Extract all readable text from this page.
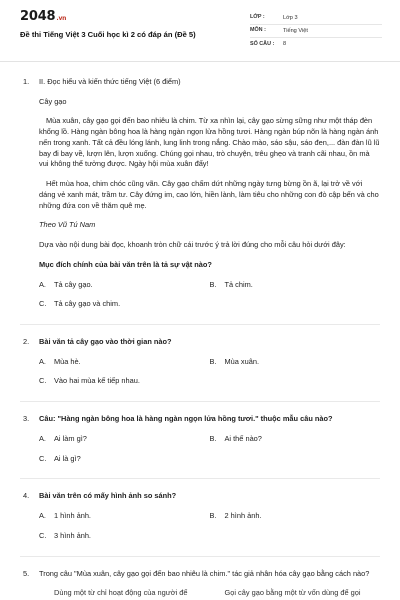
2048.vn
Đề thi Tiếng Việt 3 Cuối học kì 2 có đáp án (Đề 5)
LỚP :	Lớp 3
MÔN :	Tiếng Việt
SỐ CÂU :	8
1.	II. Đọc hiểu và kiến thức tiếng Việt (6 điểm)
Cây gạo
Mùa xuân, cây gạo gọi đến bao nhiêu là chim. Từ xa nhìn lại, cây gạo sừng sững như một tháp đèn khổng lồ. Hàng ngàn bông hoa là hàng ngàn ngọn lửa hồng tươi. Hàng ngàn búp nõn là hàng ngàn ánh nến trong xanh. Tất cả đều lóng lánh, lung linh trong nắng. Chào mào, sáo sậu, sáo đen,... đàn đàn lũ lũ bay đi bay về, lượn lên, lượn xuống. Chúng gọi nhau, trò chuyện, trêu ghẹo và tranh cãi nhau, ồn mà vui không thể tưởng được. Ngày hội mùa xuân đấy!
Hết mùa hoa, chim chóc cũng vãn. Cây gạo chấm dứt những ngày tưng bừng ồn ã, lại trở về với dáng vẻ xanh mát, trầm tư. Cây đứng im, cao lớn, hiền lành, làm tiêu cho những con đò cập bến và cho những đứa con về thăm quê mẹ.
Theo Vũ Tú Nam
Dựa vào nội dung bài đọc, khoanh tròn chữ cái trước ý trả lời đúng cho mỗi câu hỏi dưới đây:
Mục đích chính của bài văn trên là tả sự vật nào?
A.	Tả cây gạo.	B.	Tả chim.
C.	Tả cây gạo và chim.
2.	Bài văn tả cây gạo vào thời gian nào?
A.	Mùa hè.	B.	Mùa xuân.
C.	Vào hai mùa kế tiếp nhau.
3.	Câu: "Hàng ngàn bông hoa là hàng ngàn ngọn lửa hồng tươi." thuộc mẫu câu nào?
A.	Ai làm gì?	B.	Ai thế nào?
C.	Ai là gì?
4.	Bài văn trên có mấy hình ảnh so sánh?
A.	1 hình ảnh.	B.	2 hình ảnh.
C.	3 hình ảnh.
5.	Trong câu "Mùa xuân, cây gạo gọi đến bao nhiêu là chim." tác giả nhân hóa cây gạo bằng cách nào?
Dùng một từ chỉ hoạt động của người để	Gọi cây gạo bằng một từ vốn dùng để gọi
